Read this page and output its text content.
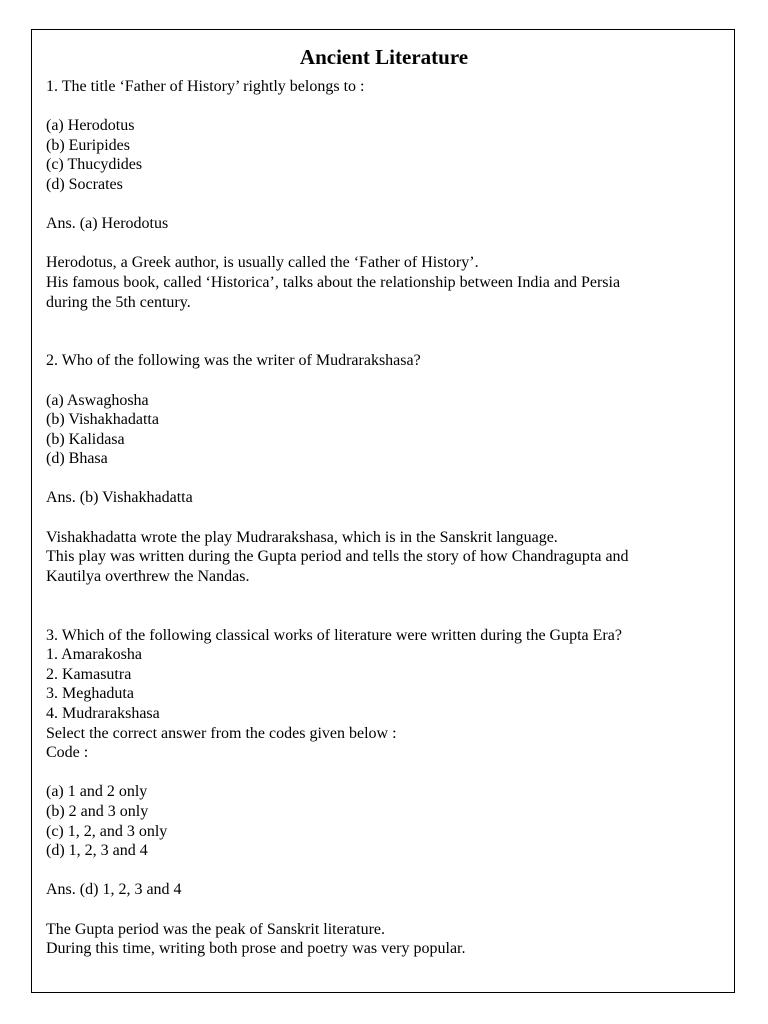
Ancient Literature
1. The title ‘Father of History’ rightly belongs to :
(a) Herodotus
(b) Euripides
(c) Thucydides
(d) Socrates
Ans. (a) Herodotus
Herodotus, a Greek author, is usually called the ‘Father of History’.
His famous book, called ‘Historica’, talks about the relationship between India and Persia
during the 5th century.
2. Who of the following was the writer of Mudrarakshasa?
(a) Aswaghosha
(b) Vishakhadatta
(b) Kalidasa
(d) Bhasa
Ans. (b) Vishakhadatta
Vishakhadatta wrote the play Mudrarakshasa, which is in the Sanskrit language.
This play was written during the Gupta period and tells the story of how Chandragupta and
Kautilya overthrew the Nandas.
3. Which of the following classical works of literature were written during the Gupta Era?
1. Amarakosha
2. Kamasutra
3. Meghaduta
4. Mudrarakshasa
Select the correct answer from the codes given below :
Code :
(a) 1 and 2 only
(b) 2 and 3 only
(c) 1, 2, and 3 only
(d) 1, 2, 3 and 4
Ans. (d) 1, 2, 3 and 4
The Gupta period was the peak of Sanskrit literature.
During this time, writing both prose and poetry was very popular.
